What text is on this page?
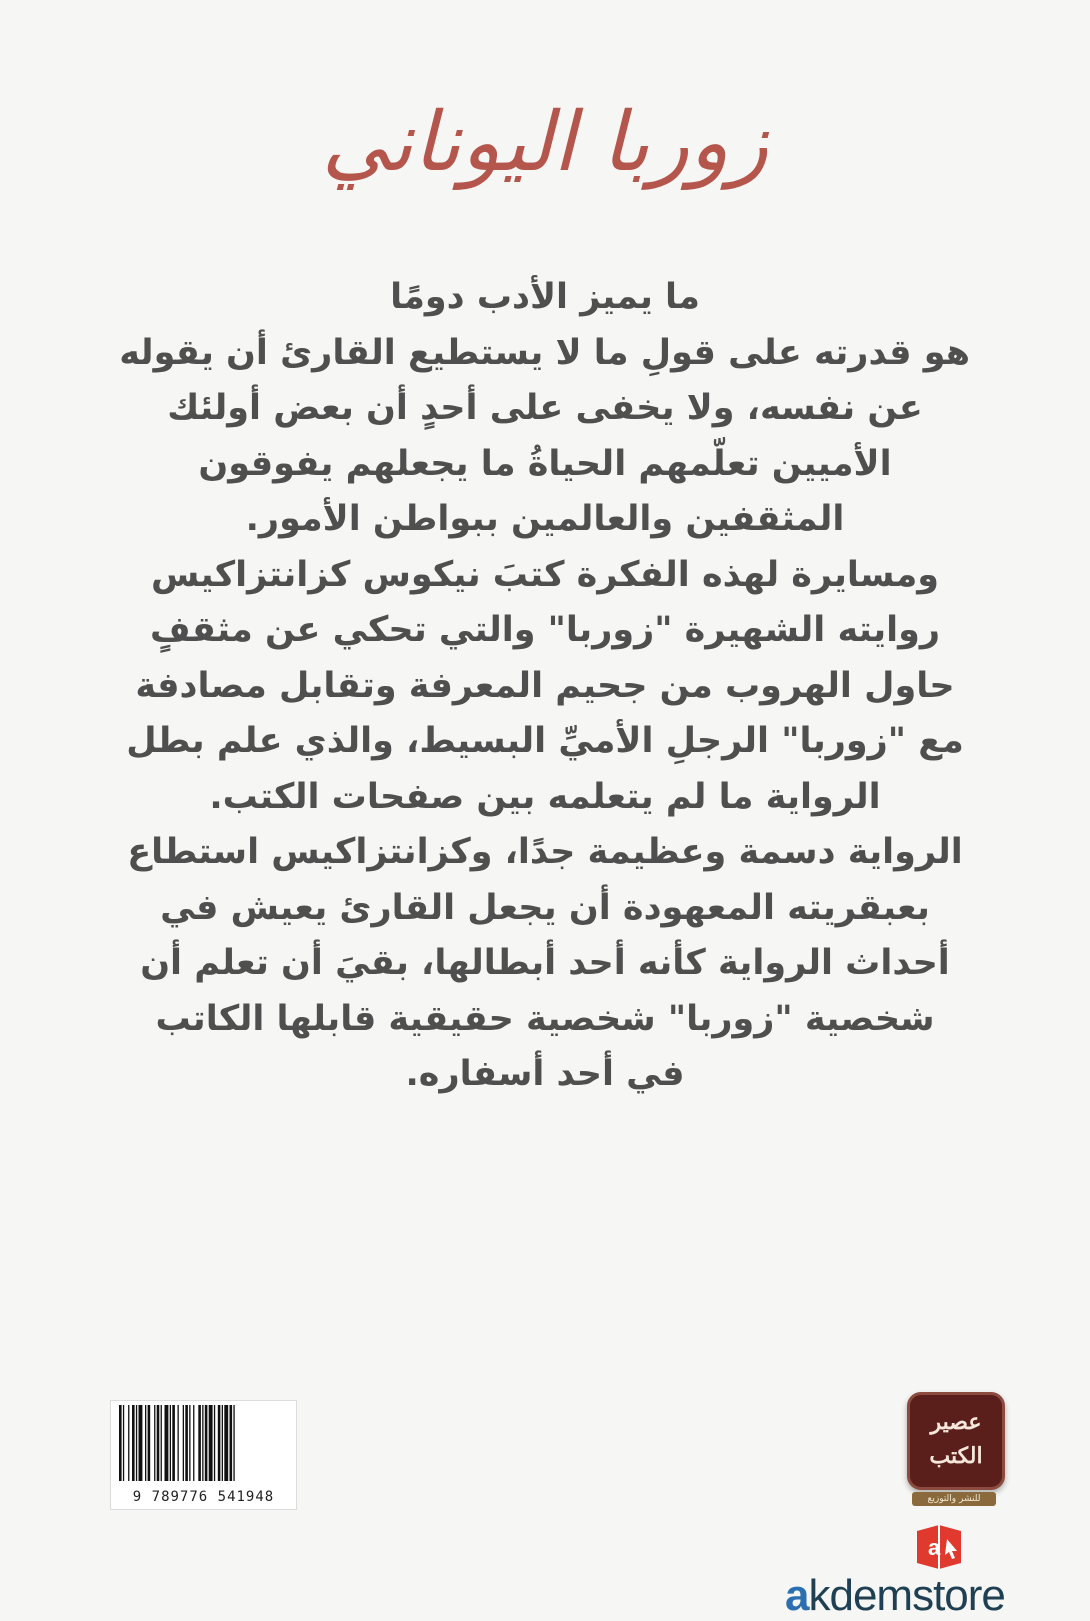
زوربا اليوناني
ما يميز الأدب دومًا
هو قدرته على قولِ ما لا يستطيع القارئ أن يقوله
عن نفسه، ولا يخفى على أحدٍ أن بعض أولئك
الأميين تعلّمهم الحياةُ ما يجعلهم يفوقون
المثقفين والعالمين ببواطن الأمور.
ومسايرة لهذه الفكرة كتبَ نيكوس كزانتزاكيس
روايته الشهيرة "زوربا" والتي تحكي عن مثقفٍ
حاول الهروب من جحيم المعرفة وتقابل مصادفة
مع "زوربا" الرجلِ الأميِّ البسيط، والذي علم بطل
الرواية ما لم يتعلمه بين صفحات الكتب.
الرواية دسمة وعظيمة جدًا، وكزانتزاكيس استطاع
بعبقريته المعهودة أن يجعل القارئ يعيش في
أحداث الرواية كأنه أحد أبطالها، بقيَ أن تعلم أن
شخصية "زوربا" شخصية حقيقية قابلها الكاتب
في أحد أسفاره.
9 789776 541948
عصير
الكتب
للنشر والتوزيع
a
akdemstore
